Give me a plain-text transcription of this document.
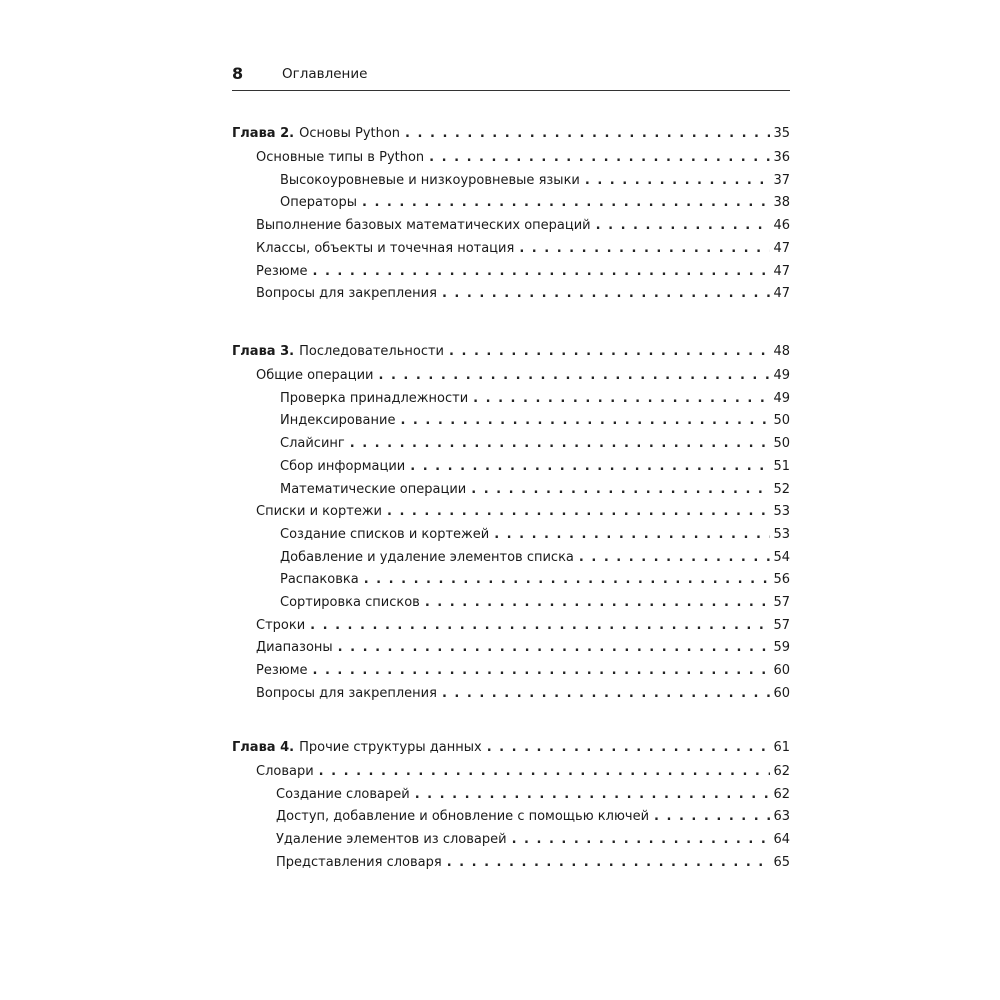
8	Оглавление
Глава 2. Основы Python . . .	35
Основные типы в Python . . .	36
Высокоуровневые и низкоуровневые языки . . .	37
Операторы . . .	38
Выполнение базовых математических операций . . .	46
Классы, объекты и точечная нотация . . .	47
Резюме . . .	47
Вопросы для закрепления . . .	47
Глава 3. Последовательности . . .	48
Общие операции . . .	49
Проверка принадлежности . . .	49
Индексирование . . .	50
Слайсинг . . .	50
Сбор информации . . .	51
Математические операции . . .	52
Списки и кортежи . . .	53
Создание списков и кортежей . . .	53
Добавление и удаление элементов списка . . .	54
Распаковка . . .	56
Сортировка списков . . .	57
Строки . . .	57
Диапазоны . . .	59
Резюме . . .	60
Вопросы для закрепления . . .	60
Глава 4. Прочие структуры данных . . .	61
Словари . . .	62
Создание словарей . . .	62
Доступ, добавление и обновление с помощью ключей . . .	63
Удаление элементов из словарей . . .	64
Представления словаря . . .	65
